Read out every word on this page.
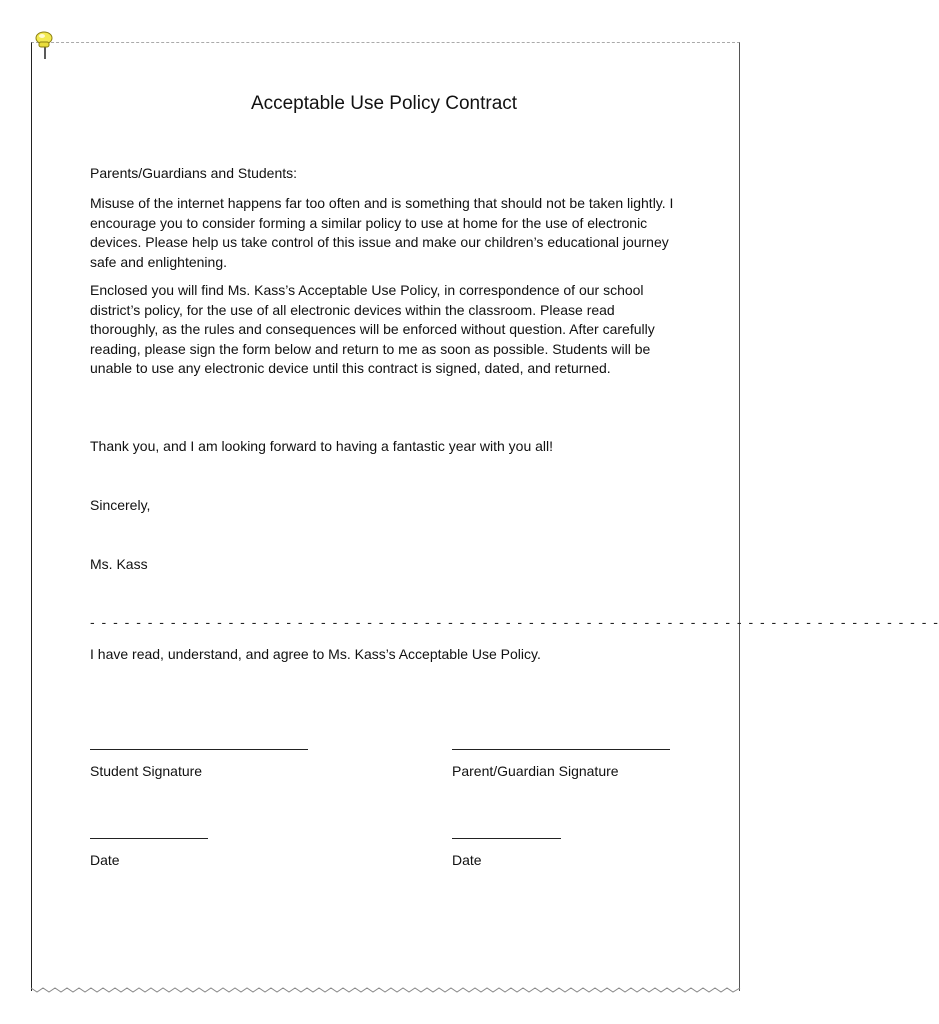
Acceptable Use Policy Contract

Parents/Guardians and Students:

Misuse of the internet happens far too often and is something that should not be taken lightly. I encourage you to consider forming a similar policy to use at home for the use of electronic devices. Please help us take control of this issue and make our children’s educational journey safe and enlightening.

Enclosed you will find Ms. Kass’s Acceptable Use Policy, in correspondence of our school district’s policy, for the use of all electronic devices within the classroom. Please read thoroughly, as the rules and consequences will be enforced without question. After carefully reading, please sign the form below and return to me as soon as possible. Students will be unable to use any electronic device until this contract is signed, dated, and returned.

Thank you, and I am looking forward to having a fantastic year with you all!

Sincerely,

Ms. Kass

I have read, understand, and agree to Ms. Kass’s Acceptable Use Policy.

- - - - - - - - - - - - - - - - - - - - - - - - - - - - - - - - - - - - - - - - - - - - - - - - - - - - - - - - - - - - - - - - - - - - - - - - - -
Student Signature	Parent/Guardian Signature
Date	Date
